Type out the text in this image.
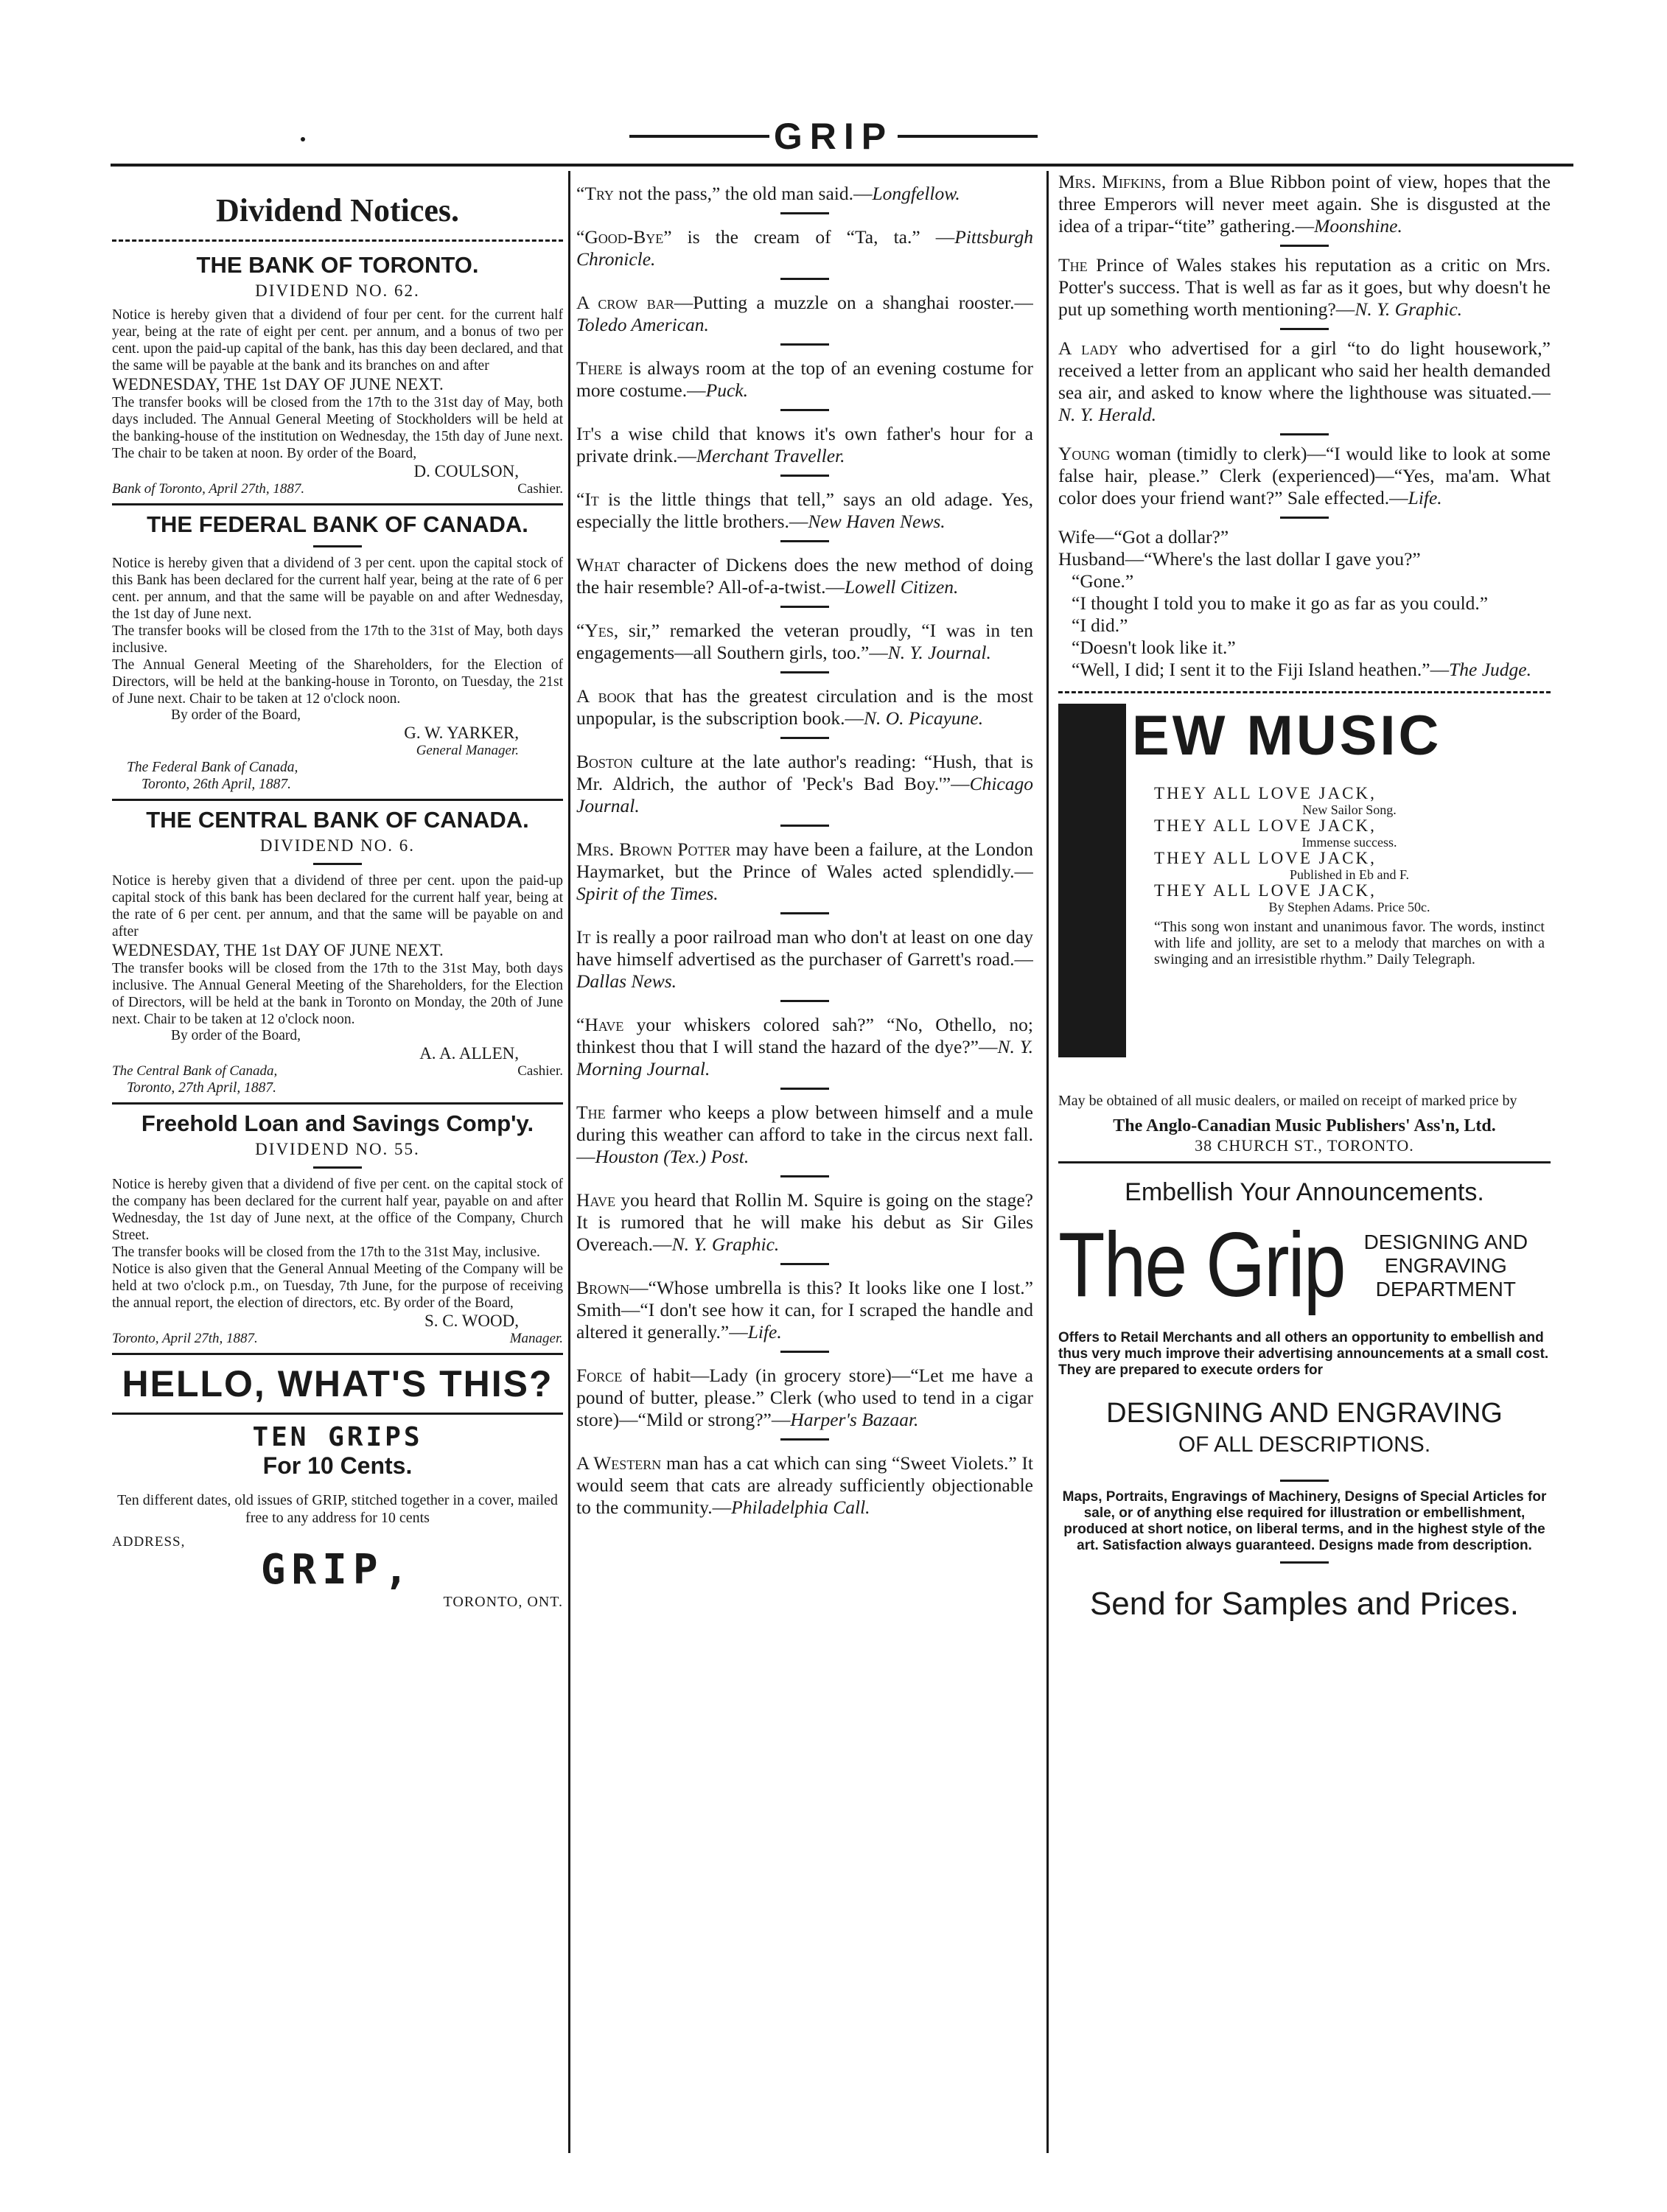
GRIP
Dividend Notices.
THE BANK OF TORONTO.
DIVIDEND NO. 62.

Notice is hereby given that a dividend of four per cent. for the current half year, being at the rate of eight per cent. per annum, and a bonus of two per cent. upon the paid-up capital of the bank, has this day been declared, and that the same will be payable at the bank and its branches on and after

WEDNESDAY, THE 1st DAY OF JUNE NEXT.

The transfer books will be closed from the 17th to the 31st day of May, both days included. The Annual General Meeting of Stockholders will be held at the banking-house of the institution on Wednesday, the 15th day of June next. The chair to be taken at noon. By order of the Board,

D. COULSON,

Bank of Toronto, April 27th, 1887.	Cashier.
THE FEDERAL BANK OF CANADA.

Notice is hereby given that a dividend of 3 per cent. upon the capital stock of this Bank has been declared for the current half year, being at the rate of 6 per cent. per annum, and that the same will be payable on and after Wednesday, the 1st day of June next.

The transfer books will be closed from the 17th to the 31st of May, both days inclusive.

The Annual General Meeting of the Shareholders, for the Election of Directors, will be held at the banking-house in Toronto, on Tuesday, the 21st of June next. Chair to be taken at 12 o'clock noon.

By order of the Board,

G. W. YARKER,

General Manager.

The Federal Bank of Canada,

Toronto, 26th April, 1887.

THE CENTRAL BANK OF CANADA.
DIVIDEND NO. 6.

Notice is hereby given that a dividend of three per cent. upon the paid-up capital stock of this bank has been declared for the current half year, being at the rate of 6 per cent. per annum, and that the same will be payable on and after

WEDNESDAY, THE 1st DAY OF JUNE NEXT.

The transfer books will be closed from the 17th to the 31st May, both days inclusive. The Annual General Meeting of the Shareholders, for the Election of Directors, will be held at the bank in Toronto on Monday, the 20th of June next. Chair to be taken at 12 o'clock noon.

By order of the Board,

A. A. ALLEN,

The Central Bank of Canada,	Cashier.

Toronto, 27th April, 1887.

Freehold Loan and Savings Comp'y.
DIVIDEND NO. 55.

Notice is hereby given that a dividend of five per cent. on the capital stock of the company has been declared for the current half year, payable on and after Wednesday, the 1st day of June next, at the office of the Company, Church Street.

The transfer books will be closed from the 17th to the 31st May, inclusive.

Notice is also given that the General Annual Meeting of the Company will be held at two o'clock p.m., on Tuesday, 7th June, for the purpose of receiving the annual report, the election of directors, etc. By order of the Board,

S. C. WOOD,

Toronto, April 27th, 1887.	Manager.
HELLO, WHAT'S THIS?
TEN GRIPS
For 10 Cents.

Ten different dates, old issues of GRIP, stitched together in a cover, mailed free to any address for 10 cents

ADDRESS,

GRIP,

TORONTO, ONT.

“Try not the pass,” the old man said.—Longfellow.

“Good-Bye” is the cream of “Ta, ta.” —Pittsburgh Chronicle.

A crow bar—Putting a muzzle on a shanghai rooster.—Toledo American.

There is always room at the top of an evening costume for more costume.—Puck.

It's a wise child that knows it's own father's hour for a private drink.—Merchant Traveller.

“It is the little things that tell,” says an old adage. Yes, especially the little brothers.—New Haven News.

What character of Dickens does the new method of doing the hair resemble? All-of-a-twist.—Lowell Citizen.

“Yes, sir,” remarked the veteran proudly, “I was in ten engagements—all Southern girls, too.”—N. Y. Journal.

A book that has the greatest circulation and is the most unpopular, is the subscription book.—N. O. Picayune.

Boston culture at the late author's reading: “Hush, that is Mr. Aldrich, the author of 'Peck's Bad Boy.'”—Chicago Journal.

Mrs. Brown Potter may have been a failure, at the London Haymarket, but the Prince of Wales acted splendidly.—Spirit of the Times.

It is really a poor railroad man who don't at least on one day have himself advertised as the purchaser of Garrett's road.—Dallas News.

“Have your whiskers colored sah?” “No, Othello, no; thinkest thou that I will stand the hazard of the dye?”—N. Y. Morning Journal.

The farmer who keeps a plow between himself and a mule during this weather can afford to take in the circus next fall.—Houston (Tex.) Post.

Have you heard that Rollin M. Squire is going on the stage? It is rumored that he will make his debut as Sir Giles Overeach.—N. Y. Graphic.

Brown—“Whose umbrella is this? It looks like one I lost.” Smith—“I don't see how it can, for I scraped the handle and altered it generally.”—Life.

Force of habit—Lady (in grocery store)—“Let me have a pound of butter, please.” Clerk (who used to tend in a cigar store)—“Mild or strong?”—Harper's Bazaar.

A Western man has a cat which can sing “Sweet Violets.” It would seem that cats are already sufficiently objectionable to the community.—Philadelphia Call.

Mrs. Mifkins, from a Blue Ribbon point of view, hopes that the three Emperors will never meet again. She is disgusted at the idea of a tripar-“tite” gathering.—Moonshine.

The Prince of Wales stakes his reputation as a critic on Mrs. Potter's success. That is well as far as it goes, but why doesn't he put up something worth mentioning?—N. Y. Graphic.

A lady who advertised for a girl “to do light housework,” received a letter from an applicant who said her health demanded sea air, and asked to know where the lighthouse was situated.—N. Y. Herald.

Young woman (timidly to clerk)—“I would like to look at some false hair, please.” Clerk (experienced)—“Yes, ma'am. What color does your friend want?” Sale effected.—Life.

Wife—“Got a dollar?”

Husband—“Where's the last dollar I gave you?”

“Gone.”

“I thought I told you to make it go as far as you could.”

“I did.”

“Doesn't look like it.”

“Well, I did; I sent it to the Fiji Island heathen.”—The Judge.

EW MUSIC

THEY ALL LOVE JACK,

New Sailor Song.

THEY ALL LOVE JACK,

Immense success.

THEY ALL LOVE JACK,

Published in Eb and F.

THEY ALL LOVE JACK,

By Stephen Adams. Price 50c.

“This song won instant and unanimous favor. The words, instinct with life and jollity, are set to a melody that marches on with a swinging and an irresistible rhythm.” Daily Telegraph.

May be obtained of all music dealers, or mailed on receipt of marked price by

The Anglo-Canadian Music Publishers' Ass'n, Ltd.

38 CHURCH ST., TORONTO.

Embellish Your Announcements.
The Grip DESIGNING AND
ENGRAVING
DEPARTMENT

Offers to Retail Merchants and all others an opportunity to embellish and thus very much improve their advertising announcements at a small cost. They are prepared to execute orders for

DESIGNING AND ENGRAVING
OF ALL DESCRIPTIONS.

Maps, Portraits, Engravings of Machinery, Designs of Special Articles for sale, or of anything else required for illustration or embellishment, produced at short notice, on liberal terms, and in the highest style of the art. Satisfaction always guaranteed. Designs made from description.

Send for Samples and Prices.
